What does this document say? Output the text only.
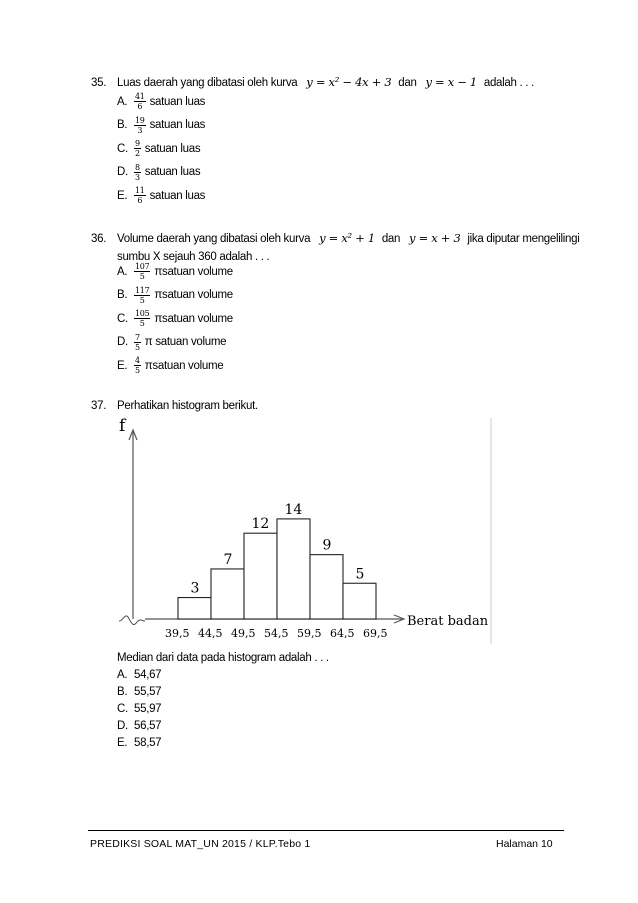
35. Luas daerah yang dibatasi oleh kurva y = x² − 4x + 3 dan y = x − 1 adalah . . .
A. $\frac{41}{6}$ satuan luas
B. $\frac{19}{3}$ satuan luas
C. $\frac{9}{2}$ satuan luas
D. $\frac{8}{3}$ satuan luas
E. $\frac{11}{6}$ satuan luas
36. Volume daerah yang dibatasi oleh kurva y = x² + 1 dan y = x + 3 jika diputar mengelilingi
sumbu X sejauh 360 adalah . . .
A. $\frac{107}{5}$ πsatuan volume
B. $\frac{117}{5}$ πsatuan volume
C. $\frac{105}{5}$ πsatuan volume
D. $\frac{7}{5}$ π satuan volume
E. $\frac{4}{5}$ πsatuan volume
37. Perhatikan histogram berikut.
f
Berat badan
3
7
12
14
9
5
39,5 44,5 49,5 54,5 59,5 64,5 69,5
Median dari data pada histogram adalah . . .
A. 54,67
B. 55,57
C. 55,97
D. 56,57
E. 58,57
PREDIKSI SOAL MAT_UN 2015 / KLP.Tebo 1	Halaman 10
